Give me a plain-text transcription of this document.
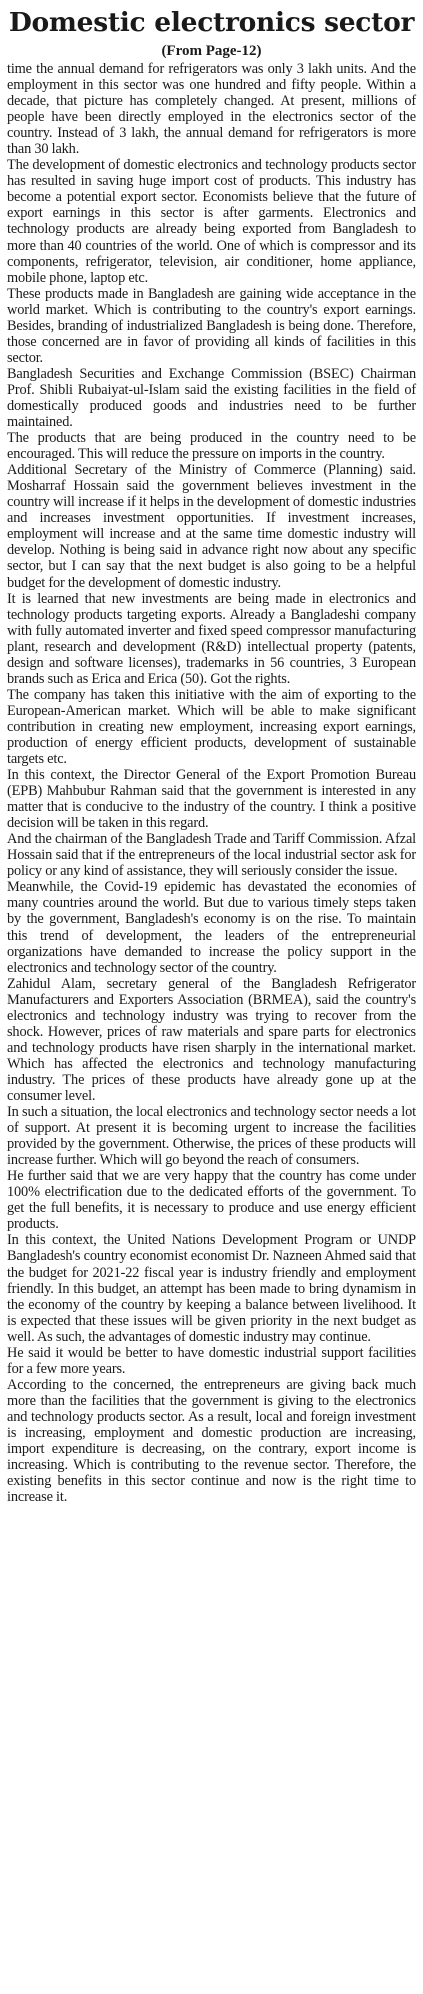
Domestic electronics sector
(From Page-12)

time the annual demand for refrigerators was only 3 lakh units. And the employment in this sector was one hundred and fifty people. Within a decade, that picture has completely changed. At present, millions of people have been directly employed in the electronics sector of the country. Instead of 3 lakh, the annual demand for refrigerators is more than 30 lakh.

The development of domestic electronics and technology products sector has resulted in saving huge import cost of products. This industry has become a potential export sector. Economists believe that the future of export earnings in this sector is after garments. Electronics and technology products are already being exported from Bangladesh to more than 40 countries of the world. One of which is compressor and its components, refrigerator, television, air conditioner, home appliance, mobile phone, laptop etc.

These products made in Bangladesh are gaining wide acceptance in the world market. Which is contributing to the country's export earnings. Besides, branding of industrialized Bangladesh is being done. Therefore, those concerned are in favor of providing all kinds of facilities in this sector.

Bangladesh Securities and Exchange Commission (BSEC) Chairman Prof. Shibli Rubaiyat-ul-Islam said the existing facilities in the field of domestically produced goods and industries need to be further maintained.

The products that are being produced in the country need to be encouraged. This will reduce the pressure on imports in the country.

Additional Secretary of the Ministry of Commerce (Planning) said. Mosharraf Hossain said the government believes investment in the country will increase if it helps in the development of domestic industries and increases investment opportunities. If investment increases, employment will increase and at the same time domestic industry will develop. Nothing is being said in advance right now about any specific sector, but I can say that the next budget is also going to be a helpful budget for the development of domestic industry.

It is learned that new investments are being made in electronics and technology products targeting exports. Already a Bangladeshi company with fully automated inverter and fixed speed compressor manufacturing plant, research and development (R&D) intellectual property (patents, design and software licenses), trademarks in 56 countries, 3 European brands such as Erica and Erica (50). Got the rights.

The company has taken this initiative with the aim of exporting to the European-American market. Which will be able to make significant contribution in creating new employment, increasing export earnings, production of energy efficient products, development of sustainable targets etc.

In this context, the Director General of the Export Promotion Bureau (EPB) Mahbubur Rahman said that the government is interested in any matter that is conducive to the industry of the country. I think a positive decision will be taken in this regard.

And the chairman of the Bangladesh Trade and Tariff Commission. Afzal Hossain said that if the entrepreneurs of the local industrial sector ask for policy or any kind of assistance, they will seriously consider the issue.

Meanwhile, the Covid-19 epidemic has devastated the economies of many countries around the world. But due to various timely steps taken by the government, Bangladesh's economy is on the rise. To maintain this trend of development, the leaders of the entrepreneurial organizations have demanded to increase the policy support in the electronics and technology sector of the country.

Zahidul Alam, secretary general of the Bangladesh Refrigerator Manufacturers and Exporters Association (BRMEA), said the country's electronics and technology industry was trying to recover from the shock. However, prices of raw materials and spare parts for electronics and technology products have risen sharply in the international market. Which has affected the electronics and technology manufacturing industry. The prices of these products have already gone up at the consumer level.

In such a situation, the local electronics and technology sector needs a lot of support. At present it is becoming urgent to increase the facilities provided by the government. Otherwise, the prices of these products will increase further. Which will go beyond the reach of consumers.

He further said that we are very happy that the country has come under 100% electrification due to the dedicated efforts of the government. To get the full benefits, it is necessary to produce and use energy efficient products.

In this context, the United Nations Development Program or UNDP Bangladesh's country economist economist Dr. Nazneen Ahmed said that the budget for 2021-22 fiscal year is industry friendly and employment friendly. In this budget, an attempt has been made to bring dynamism in the economy of the country by keeping a balance between livelihood. It is expected that these issues will be given priority in the next budget as well. As such, the advantages of domestic industry may continue.

He said it would be better to have domestic industrial support facilities for a few more years.

According to the concerned, the entrepreneurs are giving back much more than the facilities that the government is giving to the electronics and technology products sector. As a result, local and foreign investment is increasing, employment and domestic production are increasing, import expenditure is decreasing, on the contrary, export income is increasing. Which is contributing to the revenue sector. Therefore, the existing benefits in this sector continue and now is the right time to increase it.
